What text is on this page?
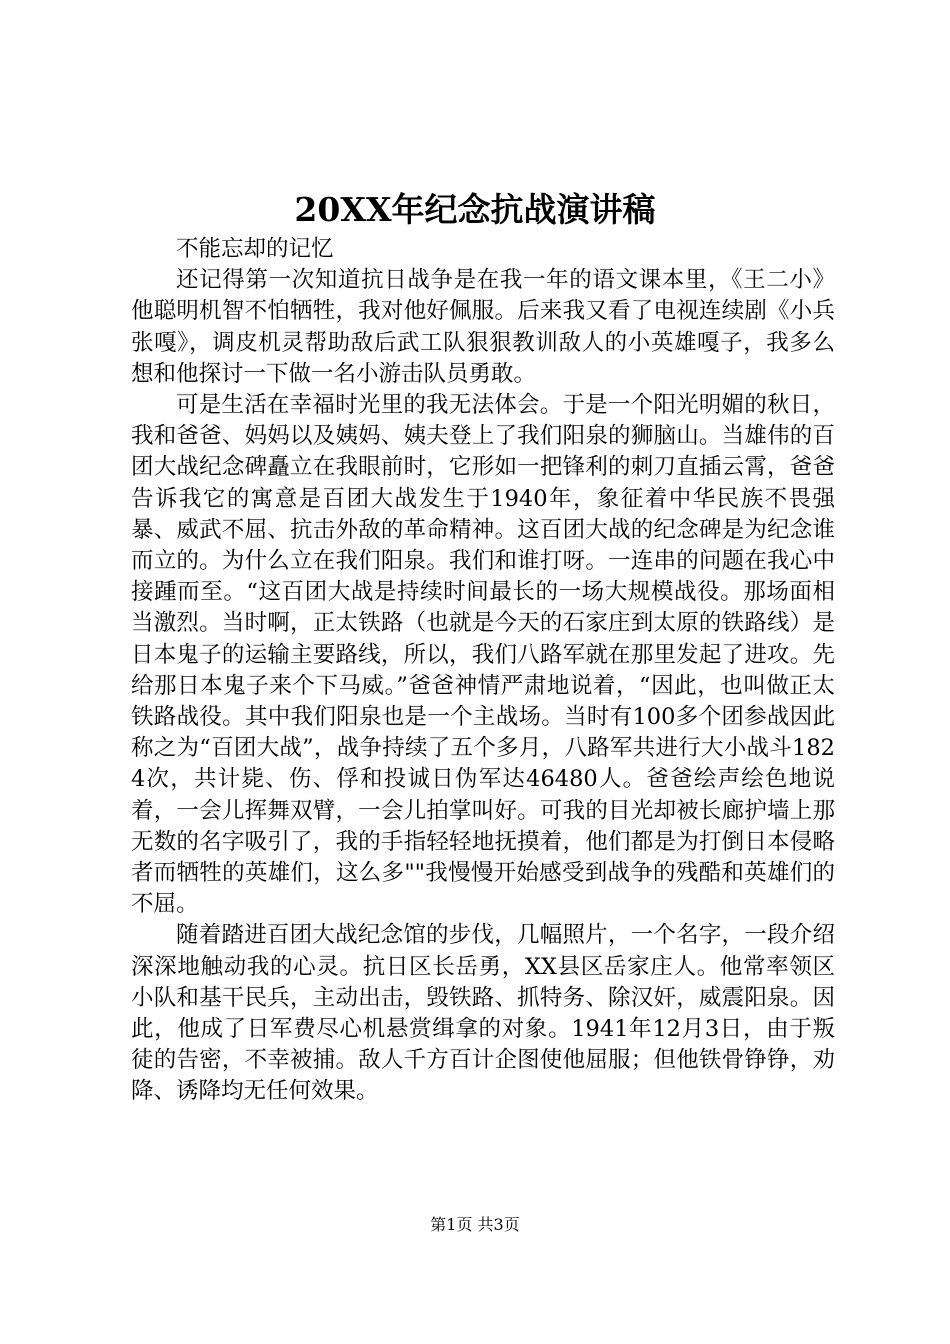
20XX年纪念抗战演讲稿

不能忘却的记忆

还记得第一次知道抗日战争是在我一年的语文课本里，《王二小》他聪明机智不怕牺牲，我对他好佩服。后来我又看了电视连续剧《小兵张嘎》，调皮机灵帮助敌后武工队狠狠教训敌人的小英雄嘎子，我多么想和他探讨一下做一名小游击队员勇敢。

可是生活在幸福时光里的我无法体会。于是一个阳光明媚的秋日，我和爸爸、妈妈以及姨妈、姨夫登上了我们阳泉的狮脑山。当雄伟的百团大战纪念碑矗立在我眼前时，它形如一把锋利的刺刀直插云霄，爸爸告诉我它的寓意是百团大战发生于1940年，象征着中华民族不畏强暴、威武不屈、抗击外敌的革命精神。这百团大战的纪念碑是为纪念谁而立的。为什么立在我们阳泉。我们和谁打呀。一连串的问题在我心中接踵而至。“这百团大战是持续时间最长的一场大规模战役。那场面相当激烈。当时啊，正太铁路（也就是今天的石家庄到太原的铁路线）是日本鬼子的运输主要路线，所以，我们八路军就在那里发起了进攻。先给那日本鬼子来个下马威。”爸爸神情严肃地说着，“因此，也叫做正太铁路战役。其中我们阳泉也是一个主战场。当时有100多个团参战因此称之为“百团大战”，战争持续了五个多月，八路军共进行大小战斗1824次，共计毙、伤、俘和投诚日伪军达46480人。爸爸绘声绘色地说着，一会儿挥舞双臂，一会儿拍掌叫好。可我的目光却被长廊护墙上那无数的名字吸引了，我的手指轻轻地抚摸着，他们都是为打倒日本侵略者而牺牲的英雄们，这么多""我慢慢开始感受到战争的残酷和英雄们的不屈。

随着踏进百团大战纪念馆的步伐，几幅照片，一个名字，一段介绍深深地触动我的心灵。抗日区长岳勇，XX县区岳家庄人。他常率领区小队和基干民兵，主动出击，毁铁路、抓特务、除汉奸，威震阳泉。因此，他成了日军费尽心机悬赏缉拿的对象。1941年12月3日，由于叛徒的告密，不幸被捕。敌人千方百计企图使他屈服；但他铁骨铮铮，劝降、诱降均无任何效果。

第1页 共3页
